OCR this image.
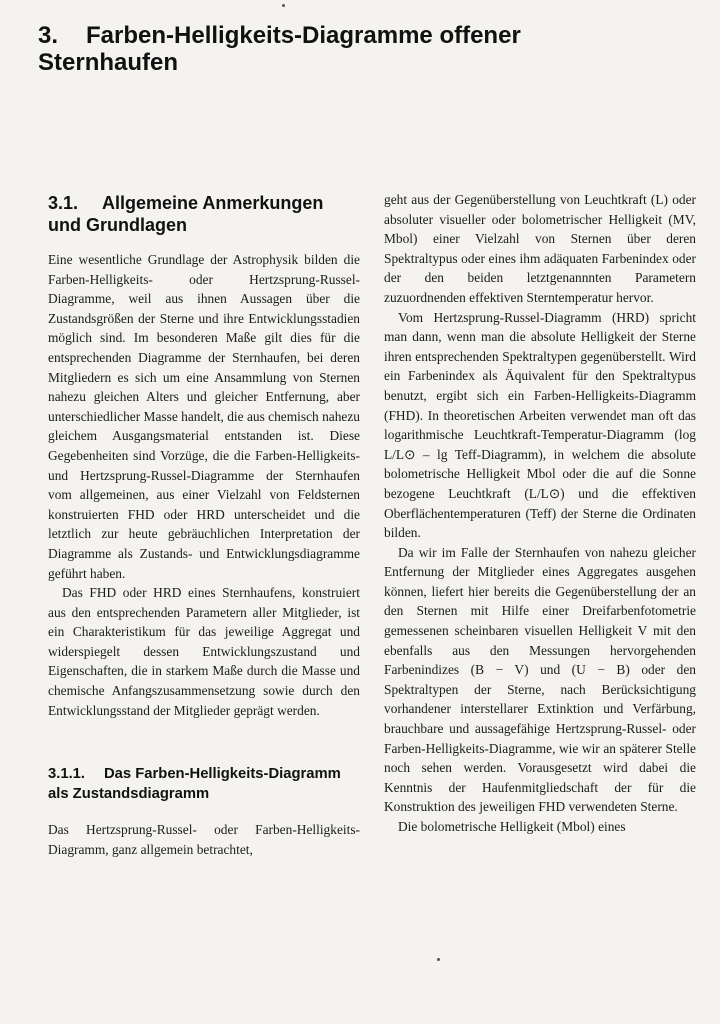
3. Farben-Helligkeits-Diagramme offener Sternhaufen
3.1. Allgemeine Anmerkungen und Grundlagen

Eine wesentliche Grundlage der Astrophysik bilden die Farben-Helligkeits- oder Hertzsprung-Russel-Diagramme, weil aus ihnen Aussagen über die Zustandsgrößen der Sterne und ihre Entwicklungsstadien möglich sind. Im besonderen Maße gilt dies für die entsprechenden Diagramme der Sternhaufen, bei deren Mitgliedern es sich um eine Ansammlung von Sternen nahezu gleichen Alters und gleicher Entfernung, aber unterschiedlicher Masse handelt, die aus chemisch nahezu gleichem Ausgangsmaterial entstanden ist. Diese Gegebenheiten sind Vorzüge, die die Farben-Helligkeits- und Hertzsprung-Russel-Diagramme der Sternhaufen vom allgemeinen, aus einer Vielzahl von Feldsternen konstruierten FHD oder HRD unterscheidet und die letztlich zur heute gebräuchlichen Interpretation der Diagramme als Zustands- und Entwicklungsdiagramme geführt haben.

Das FHD oder HRD eines Sternhaufens, konstruiert aus den entsprechenden Parametern aller Mitglieder, ist ein Charakteristikum für das jeweilige Aggregat und widerspiegelt dessen Entwicklungszustand und Eigenschaften, die in starkem Maße durch die Masse und chemische Anfangszusammensetzung sowie durch den Entwicklungsstand der Mitglieder geprägt werden.

3.1.1. Das Farben-Helligkeits-Diagramm als Zustandsdiagramm

Das Hertzsprung-Russel- oder Farben-Helligkeits-Diagramm, ganz allgemein betrachtet,

geht aus der Gegenüberstellung von Leuchtkraft (L) oder absoluter visueller oder bolometrischer Helligkeit (MV, Mbol) einer Vielzahl von Sternen über deren Spektraltypus oder eines ihm adäquaten Farbenindex oder der den beiden letztgenannnten Parametern zuzuordnenden effektiven Sterntemperatur hervor.

Vom Hertzsprung-Russel-Diagramm (HRD) spricht man dann, wenn man die absolute Helligkeit der Sterne ihren entsprechenden Spektraltypen gegenüberstellt. Wird ein Farbenindex als Äquivalent für den Spektraltypus benutzt, ergibt sich ein Farben-Helligkeits-Diagramm (FHD). In theoretischen Arbeiten verwendet man oft das logarithmische Leuchtkraft-Temperatur-Diagramm (log L/L⊙ – lg Teff-Diagramm), in welchem die absolute bolometrische Helligkeit Mbol oder die auf die Sonne bezogene Leuchtkraft (L/L⊙) und die effektiven Oberflächentemperaturen (Teff) der Sterne die Ordinaten bilden.

Da wir im Falle der Sternhaufen von nahezu gleicher Entfernung der Mitglieder eines Aggregates ausgehen können, liefert hier bereits die Gegenüberstellung der an den Sternen mit Hilfe einer Dreifarbenfotometrie gemessenen scheinbaren visuellen Helligkeit V mit den ebenfalls aus den Messungen hervorgehenden Farbenindizes (B − V) und (U − B) oder den Spektraltypen der Sterne, nach Berücksichtigung vorhandener interstellarer Extinktion und Verfärbung, brauchbare und aussagefähige Hertzsprung-Russel- oder Farben-Helligkeits-Diagramme, wie wir an späterer Stelle noch sehen werden. Vorausgesetzt wird dabei die Kenntnis der Haufenmitgliedschaft der für die Konstruktion des jeweiligen FHD verwendeten Sterne.

Die bolometrische Helligkeit (Mbol) eines
